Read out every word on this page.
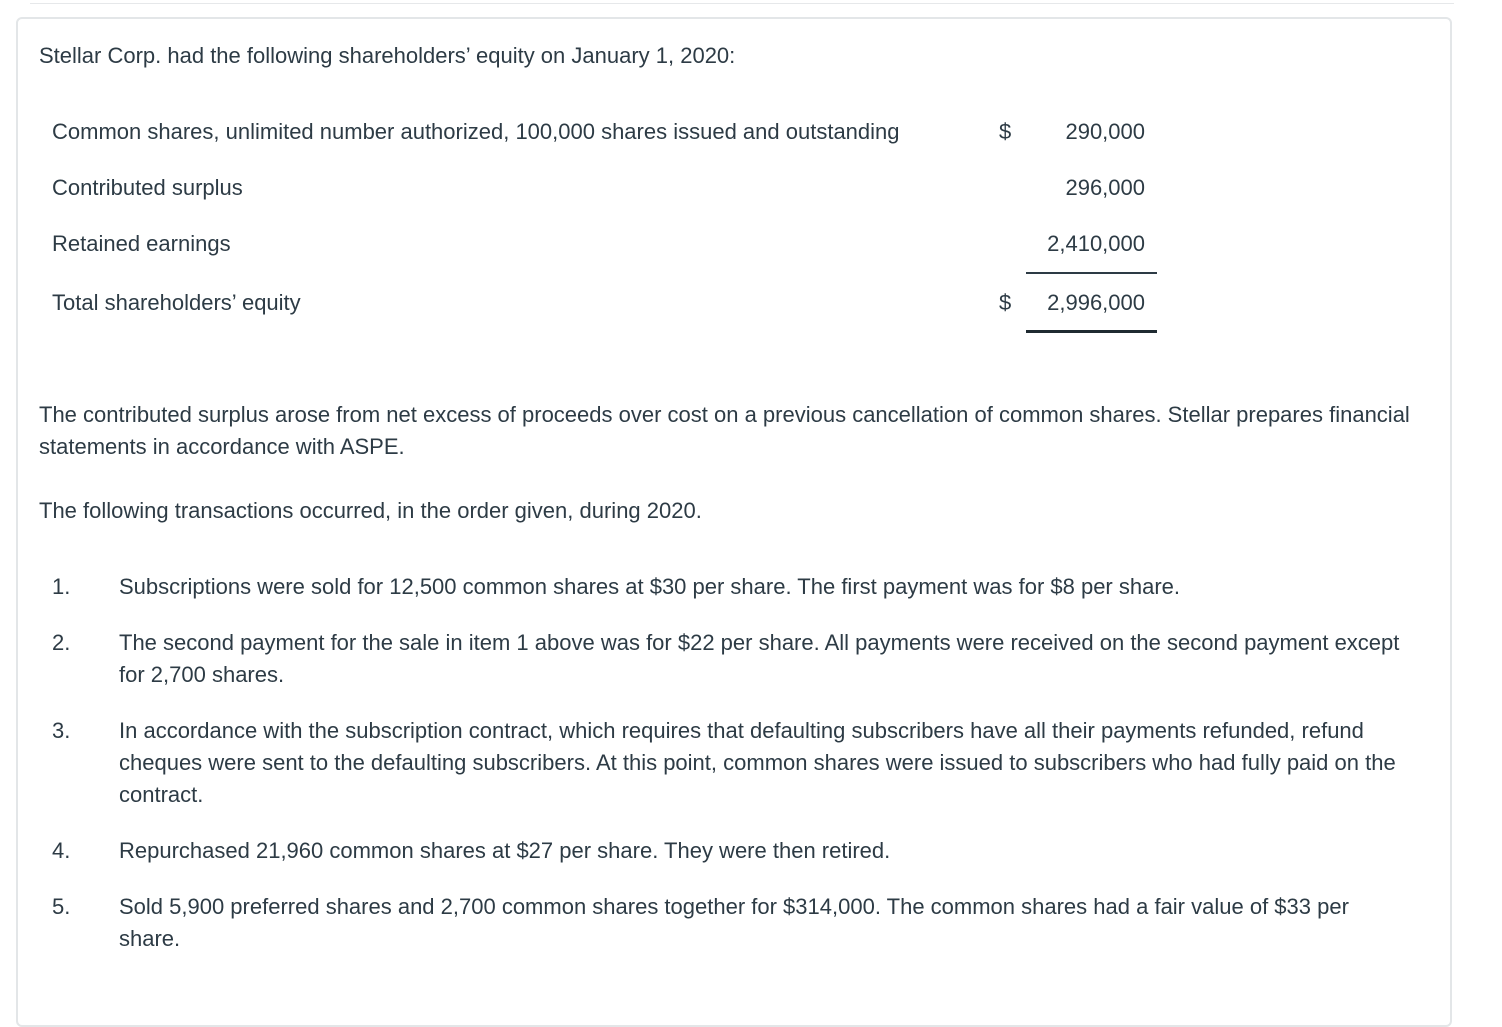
Stellar Corp. had the following shareholders’ equity on January 1, 2020:
Common shares, unlimited number authorized, 100,000 shares issued and outstanding	$ 290,000
Contributed surplus	296,000
Retained earnings	2,410,000
Total shareholders’ equity	$ 2,996,000
The contributed surplus arose from net excess of proceeds over cost on a previous cancellation of common shares. Stellar prepares financial statements in accordance with ASPE.
The following transactions occurred, in the order given, during 2020.
1. Subscriptions were sold for 12,500 common shares at $30 per share. The first payment was for $8 per share.
2. The second payment for the sale in item 1 above was for $22 per share. All payments were received on the second payment except for 2,700 shares.
3. In accordance with the subscription contract, which requires that defaulting subscribers have all their payments refunded, refund cheques were sent to the defaulting subscribers. At this point, common shares were issued to subscribers who had fully paid on the contract.
4. Repurchased 21,960 common shares at $27 per share. They were then retired.
5. Sold 5,900 preferred shares and 2,700 common shares together for $314,000. The common shares had a fair value of $33 per share.
